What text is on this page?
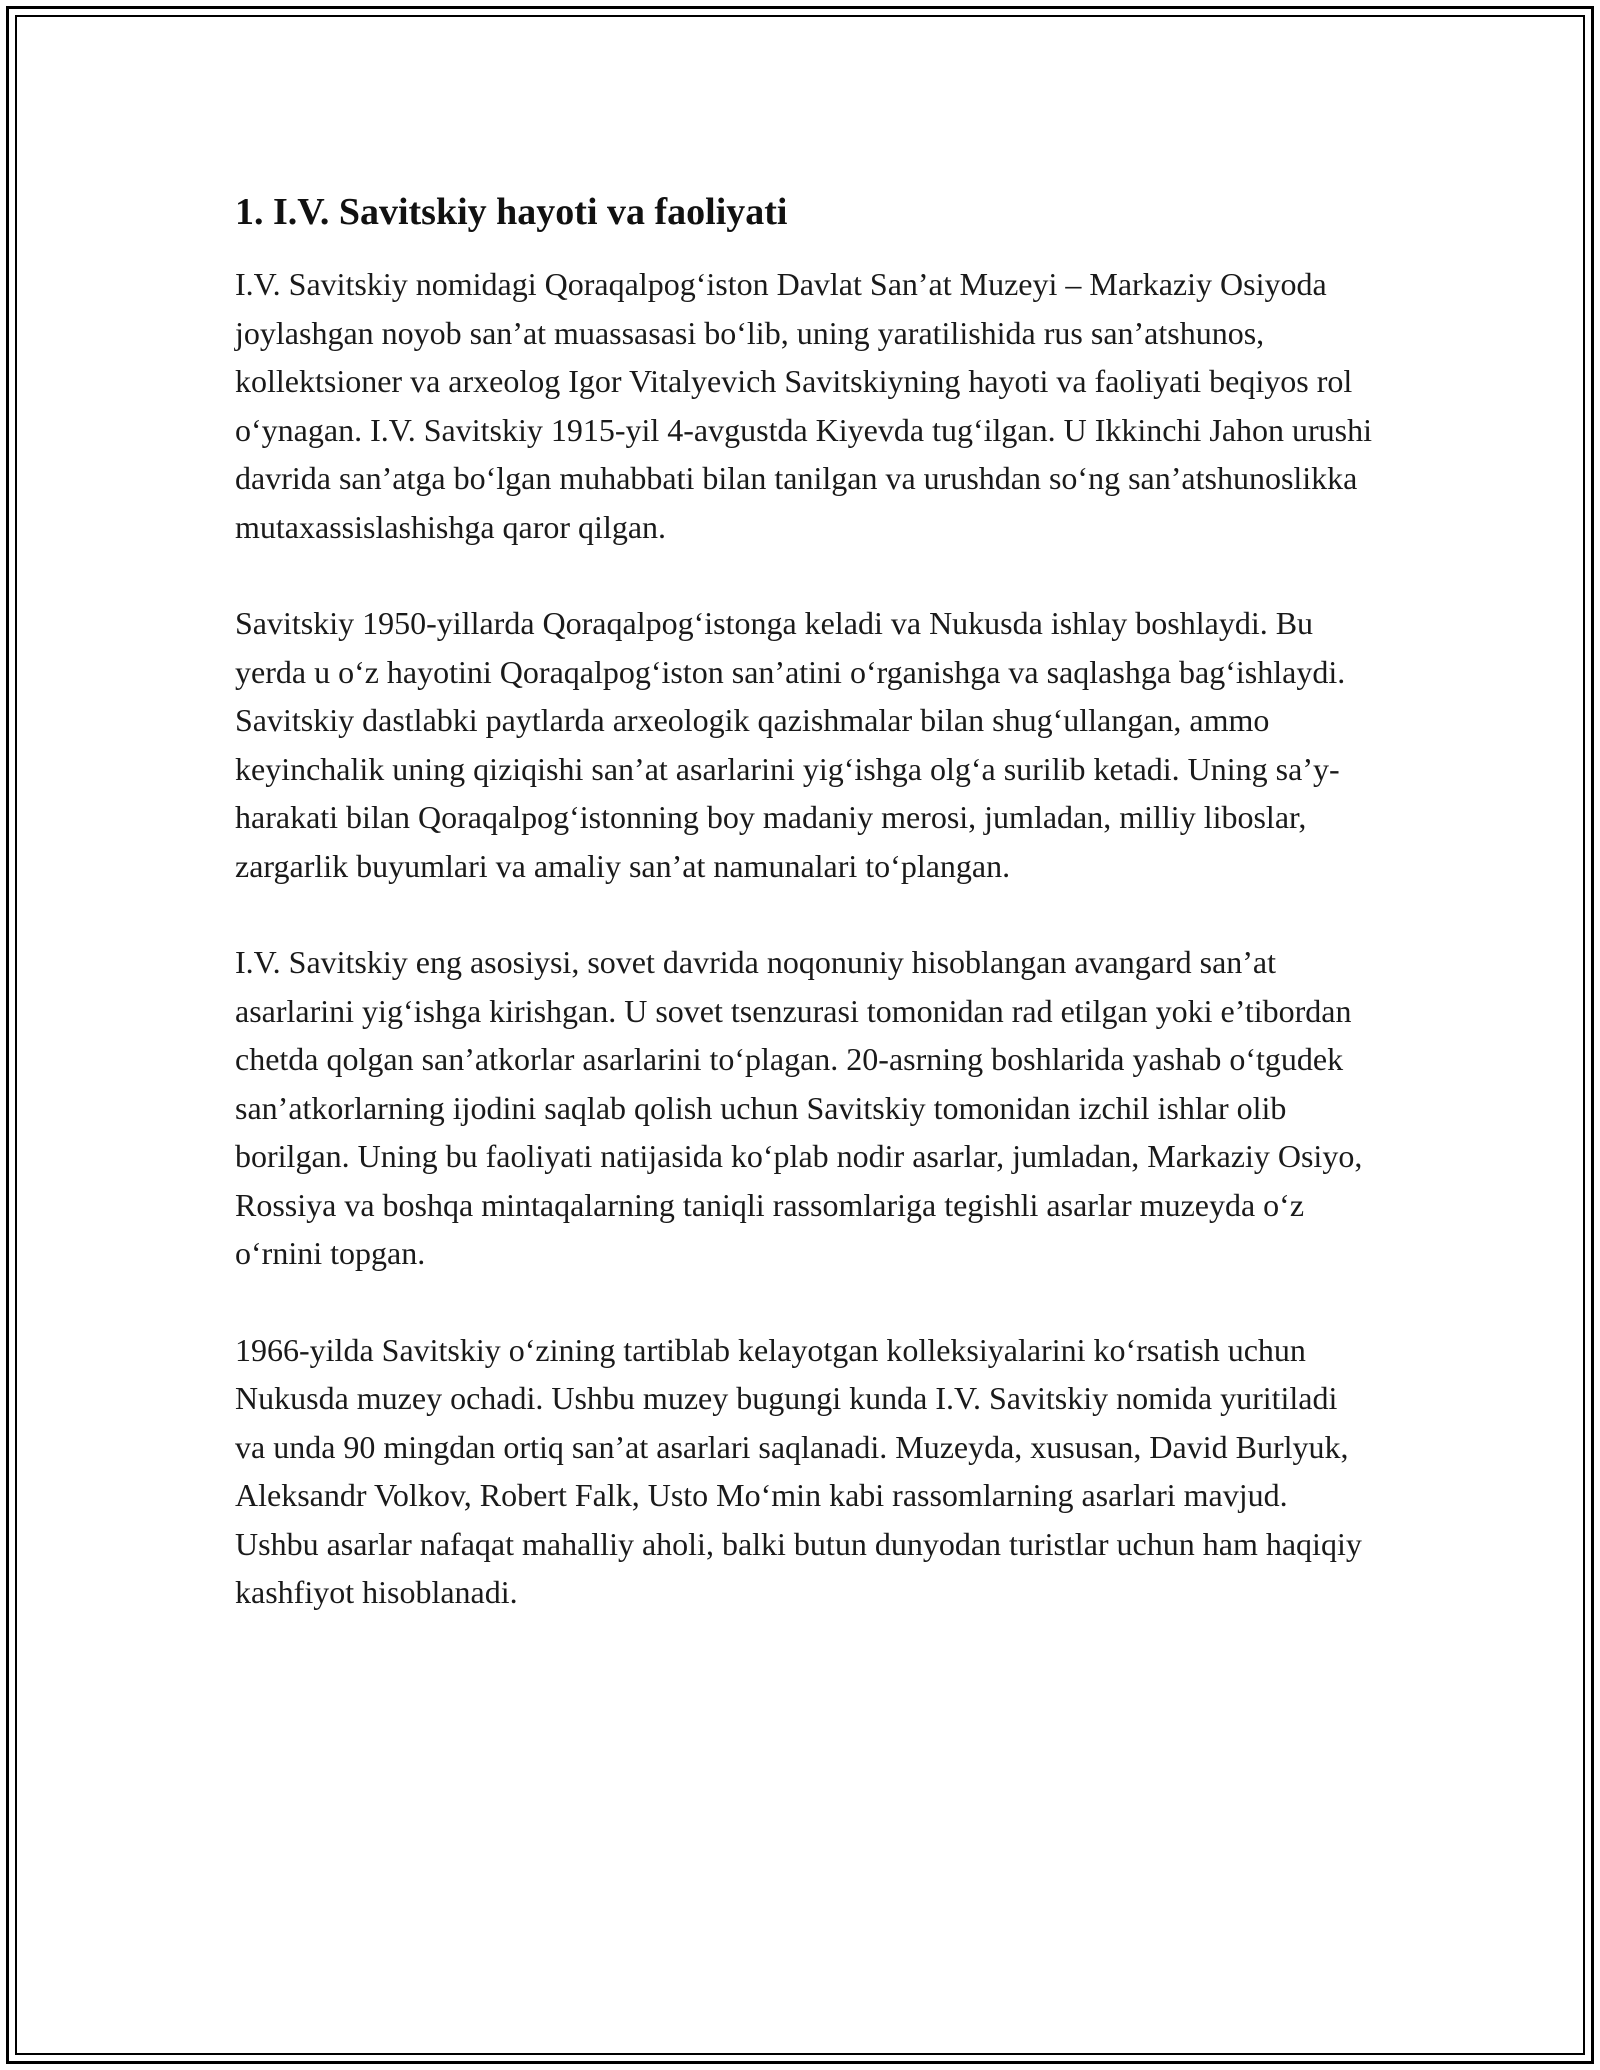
1. I.V. Savitskiy hayoti va faoliyati

I.V. Savitskiy nomidagi Qoraqalpog‘iston Davlat San’at Muzeyi – Markaziy Osiyoda joylashgan noyob san’at muassasasi bo‘lib, uning yaratilishida rus san’atshunos, kollektsioner va arxeolog Igor Vitalyevich Savitskiyning hayoti va faoliyati beqiyos rol o‘ynagan. I.V. Savitskiy 1915-yil 4-avgustda Kiyevda tug‘ilgan. U Ikkinchi Jahon urushi davrida san’atga bo‘lgan muhabbati bilan tanilgan va urushdan so‘ng san’atshunoslikka mutaxassislashishga qaror qilgan.

Savitskiy 1950-yillarda Qoraqalpog‘istonga keladi va Nukusda ishlay boshlaydi. Bu yerda u o‘z hayotini Qoraqalpog‘iston san’atini o‘rganishga va saqlashga bag‘ishlaydi. Savitskiy dastlabki paytlarda arxeologik qazishmalar bilan shug‘ullangan, ammo keyinchalik uning qiziqishi san’at asarlarini yig‘ishga olg‘a surilib ketadi. Uning sa’y-harakati bilan Qoraqalpog‘istonning boy madaniy merosi, jumladan, milliy liboslar, zargarlik buyumlari va amaliy san’at namunalari to‘plangan.

I.V. Savitskiy eng asosiysi, sovet davrida noqonuniy hisoblangan avangard san’at asarlarini yig‘ishga kirishgan. U sovet tsenzurasi tomonidan rad etilgan yoki e’tibordan chetda qolgan san’atkorlar asarlarini to‘plagan. 20-asrning boshlarida yashab o‘tgudek san’atkorlarning ijodini saqlab qolish uchun Savitskiy tomonidan izchil ishlar olib borilgan. Uning bu faoliyati natijasida ko‘plab nodir asarlar, jumladan, Markaziy Osiyo, Rossiya va boshqa mintaqalarning taniqli rassomlariga tegishli asarlar muzeyda o‘z o‘rnini topgan.

1966-yilda Savitskiy o‘zining tartiblab kelayotgan kolleksiyalarini ko‘rsatish uchun Nukusda muzey ochadi. Ushbu muzey bugungi kunda I.V. Savitskiy nomida yuritiladi va unda 90 mingdan ortiq san’at asarlari saqlanadi. Muzeyda, xususan, David Burlyuk, Aleksandr Volkov, Robert Falk, Usto Mo‘min kabi rassomlarning asarlari mavjud. Ushbu asarlar nafaqat mahalliy aholi, balki butun dunyodan turistlar uchun ham haqiqiy kashfiyot hisoblanadi.
